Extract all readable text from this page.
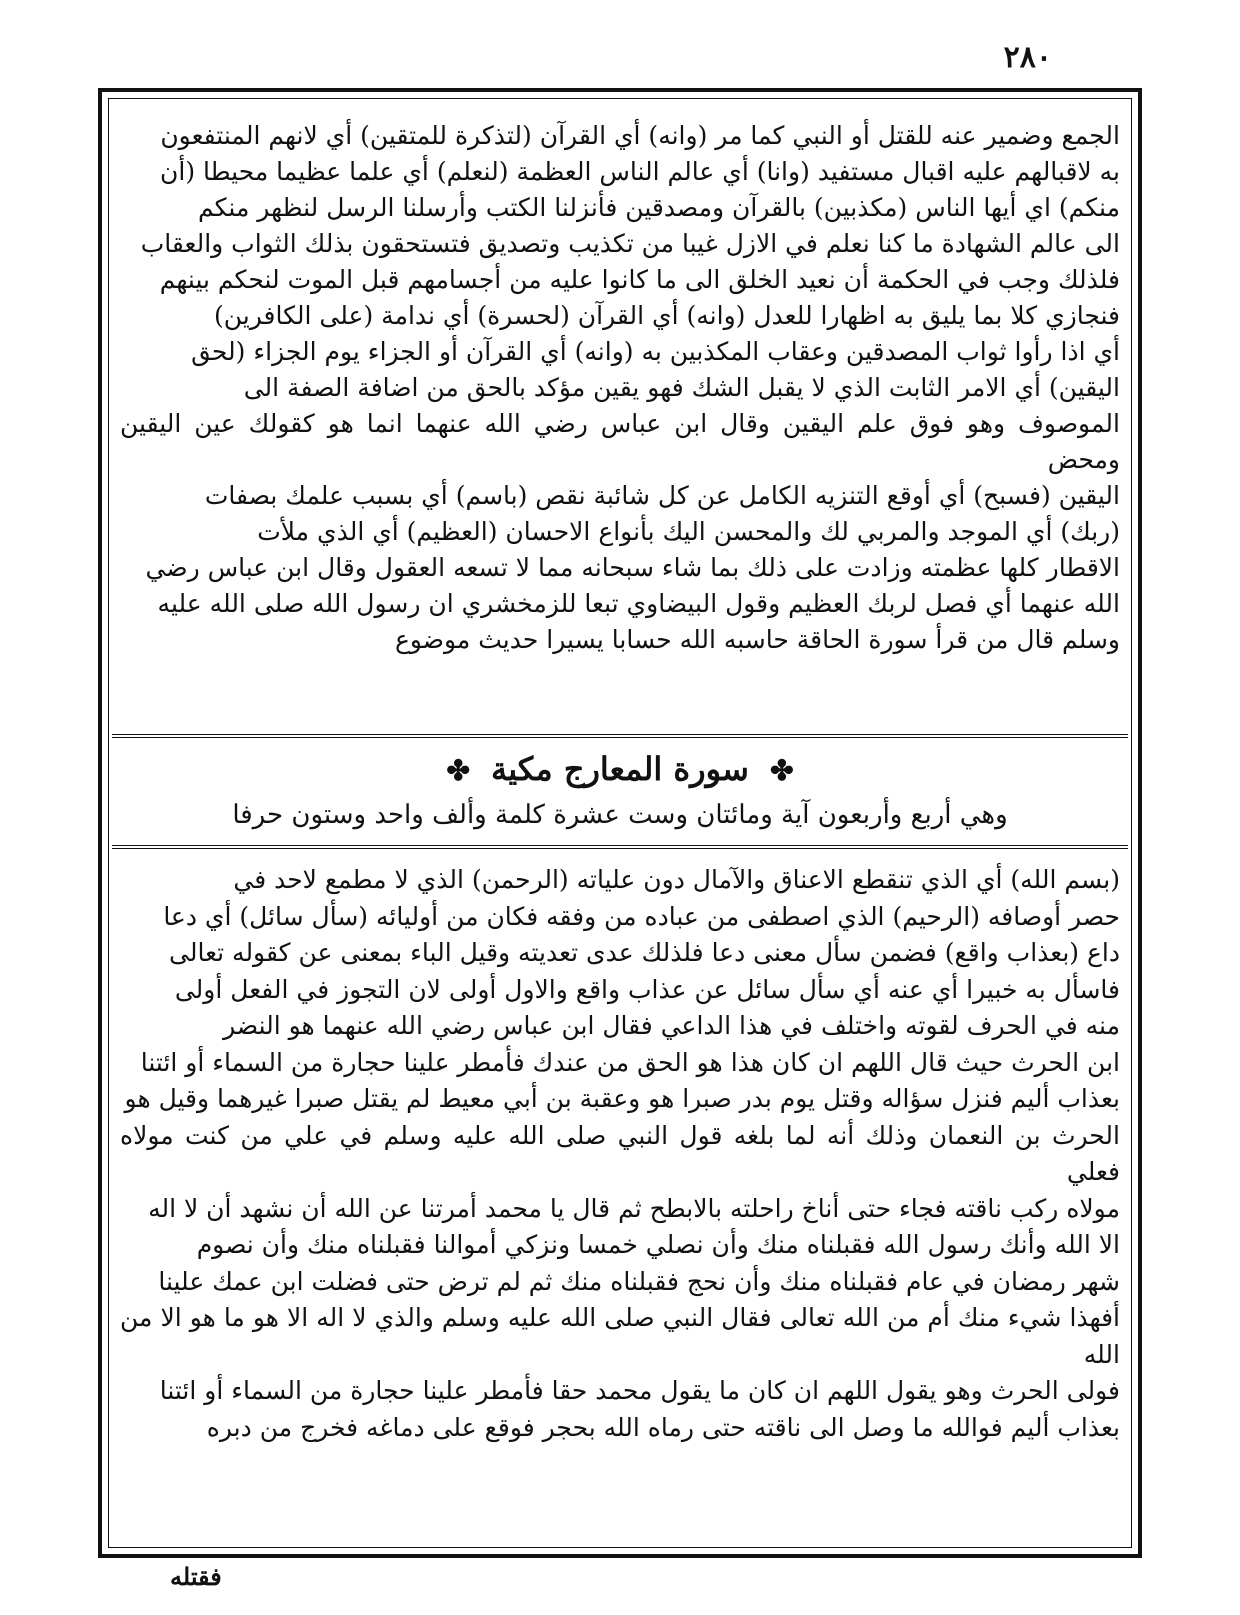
٢٨٠

الجمع وضمير عنه للقتل أو النبي كما مر (وانه) أي القرآن (لتذكرة للمتقين) أي لانهم المنتفعون

به لاقبالهم عليه اقبال مستفيد (وانا) أي عالم الناس العظمة (لنعلم) أي علما عظيما محيطا (أن

منكم) اي أيها الناس (مكذبين) بالقرآن ومصدقين فأنزلنا الكتب وأرسلنا الرسل لنظهر منكم

الى عالم الشهادة ما كنا نعلم في الازل غيبا من تكذيب وتصديق فتستحقون بذلك الثواب والعقاب

فلذلك وجب في الحكمة أن نعيد الخلق الى ما كانوا عليه من أجسامهم قبل الموت لنحكم بينهم

فنجازي كلا بما يليق به اظهارا للعدل (وانه) أي القرآن (لحسرة) أي ندامة (على الكافرين)

أي اذا رأوا ثواب المصدقين وعقاب المكذبين به (وانه) أي القرآن أو الجزاء يوم الجزاء (لحق

اليقين) أي الامر الثابت الذي لا يقبل الشك فهو يقين مؤكد بالحق من اضافة الصفة الى

الموصوف وهو فوق علم اليقين وقال ابن عباس رضي الله عنهما انما هو كقولك عين اليقين ومحض

اليقين (فسبح) أي أوقع التنزيه الكامل عن كل شائبة نقص (باسم) أي بسبب علمك بصفات

(ربك) أي الموجد والمربي لك والمحسن اليك بأنواع الاحسان (العظيم) أي الذي ملأت

الاقطار كلها عظمته وزادت على ذلك بما شاء سبحانه مما لا تسعه العقول وقال ابن عباس رضي

الله عنهما أي فصل لربك العظيم وقول البيضاوي تبعا للزمخشري ان رسول الله صلى الله عليه

وسلم قال من قرأ سورة الحاقة حاسبه الله حسابا يسيرا حديث موضوع

✤ سورة المعارج مكية ✤
وهي أربع وأربعون آية ومائتان وست عشرة كلمة وألف واحد وستون حرفا

(بسم الله) أي الذي تنقطع الاعناق والآمال دون علياته (الرحمن) الذي لا مطمع لاحد في

حصر أوصافه (الرحيم) الذي اصطفى من عباده من وفقه فكان من أوليائه (سأل سائل) أي دعا

داع (بعذاب واقع) فضمن سأل معنى دعا فلذلك عدى تعديته وقيل الباء بمعنى عن كقوله تعالى

فاسأل به خبيرا أي عنه أي سأل سائل عن عذاب واقع والاول أولى لان التجوز في الفعل أولى

منه في الحرف لقوته واختلف في هذا الداعي فقال ابن عباس رضي الله عنهما هو النضر

ابن الحرث حيث قال اللهم ان كان هذا هو الحق من عندك فأمطر علينا حجارة من السماء أو ائتنا

بعذاب أليم فنزل سؤاله وقتل يوم بدر صبرا هو وعقبة بن أبي معيط لم يقتل صبرا غيرهما وقيل هو

الحرث بن النعمان وذلك أنه لما بلغه قول النبي صلى الله عليه وسلم في علي من كنت مولاه فعلي

مولاه ركب ناقته فجاء حتى أناخ راحلته بالابطح ثم قال يا محمد أمرتنا عن الله أن نشهد أن لا اله

الا الله وأنك رسول الله فقبلناه منك وأن نصلي خمسا ونزكي أموالنا فقبلناه منك وأن نصوم

شهر رمضان في عام فقبلناه منك وأن نحج فقبلناه منك ثم لم ترض حتى فضلت ابن عمك علينا

أفهذا شيء منك أم من الله تعالى فقال النبي صلى الله عليه وسلم والذي لا اله الا هو ما هو الا من الله

فولى الحرث وهو يقول اللهم ان كان ما يقول محمد حقا فأمطر علينا حجارة من السماء أو ائتنا

بعذاب أليم فوالله ما وصل الى ناقته حتى رماه الله بحجر فوقع على دماغه فخرج من دبره

فقتله
